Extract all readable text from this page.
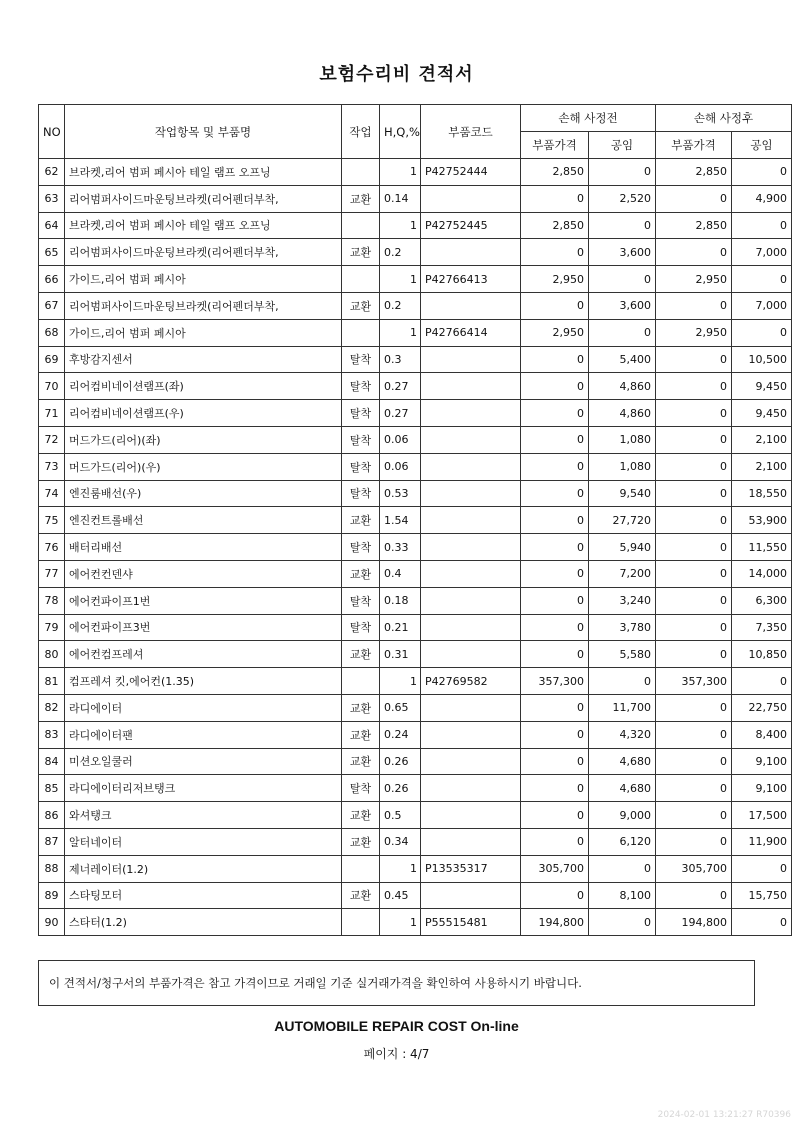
보험수리비 견적서
NO	작업항목 및 부품명	작업	H,Q,%	부품코드	손해 사정전		손해 사정후	
					부품가격	공임	부품가격	공임
62	브라켓,리어 범퍼 페시아 테일 램프 오프닝		1	P42752444	2,850	0	2,850	0
63	리어범퍼사이드마운팅브라켓(리어펜더부착,	교환	0.14		0	2,520	0	4,900
64	브라켓,리어 범퍼 페시아 테일 램프 오프닝		1	P42752445	2,850	0	2,850	0
65	리어범퍼사이드마운팅브라켓(리어펜더부착,	교환	0.2		0	3,600	0	7,000
66	가이드,리어 범퍼 페시아		1	P42766413	2,950	0	2,950	0
67	리어범퍼사이드마운팅브라켓(리어펜더부착,	교환	0.2		0	3,600	0	7,000
68	가이드,리어 범퍼 페시아		1	P42766414	2,950	0	2,950	0
69	후방감지센서	탈착	0.3		0	5,400	0	10,500
70	리어컴비네이션램프(좌)	탈착	0.27		0	4,860	0	9,450
71	리어컴비네이션램프(우)	탈착	0.27		0	4,860	0	9,450
72	머드가드(리어)(좌)	탈착	0.06		0	1,080	0	2,100
73	머드가드(리어)(우)	탈착	0.06		0	1,080	0	2,100
74	엔진룸배선(우)	탈착	0.53		0	9,540	0	18,550
75	엔진컨트롤배선	교환	1.54		0	27,720	0	53,900
76	배터리배선	탈착	0.33		0	5,940	0	11,550
77	에어컨컨덴샤	교환	0.4		0	7,200	0	14,000
78	에어컨파이프1번	탈착	0.18		0	3,240	0	6,300
79	에어컨파이프3번	탈착	0.21		0	3,780	0	7,350
80	에어컨컴프레셔	교환	0.31		0	5,580	0	10,850
81	컴프레셔 킷,에어컨(1.35)		1	P42769582	357,300	0	357,300	0
82	라디에이터	교환	0.65		0	11,700	0	22,750
83	라디에이터팬	교환	0.24		0	4,320	0	8,400
84	미션오일쿨러	교환	0.26		0	4,680	0	9,100
85	라디에이터리저브탱크	탈착	0.26		0	4,680	0	9,100
86	와셔탱크	교환	0.5		0	9,000	0	17,500
87	알터네이터	교환	0.34		0	6,120	0	11,900
88	제너레이터(1.2)		1	P13535317	305,700	0	305,700	0
89	스타팅모터	교환	0.45		0	8,100	0	15,750
90	스타터(1.2)		1	P55515481	194,800	0	194,800	0
이 견적서/청구서의 부품가격은 참고 가격이므로 거래일 기준 실거래가격을 확인하여 사용하시기 바랍니다.
AUTOMOBILE REPAIR COST On-line
페이지 : 4/7
2024-02-01 13:21:27 R70396
